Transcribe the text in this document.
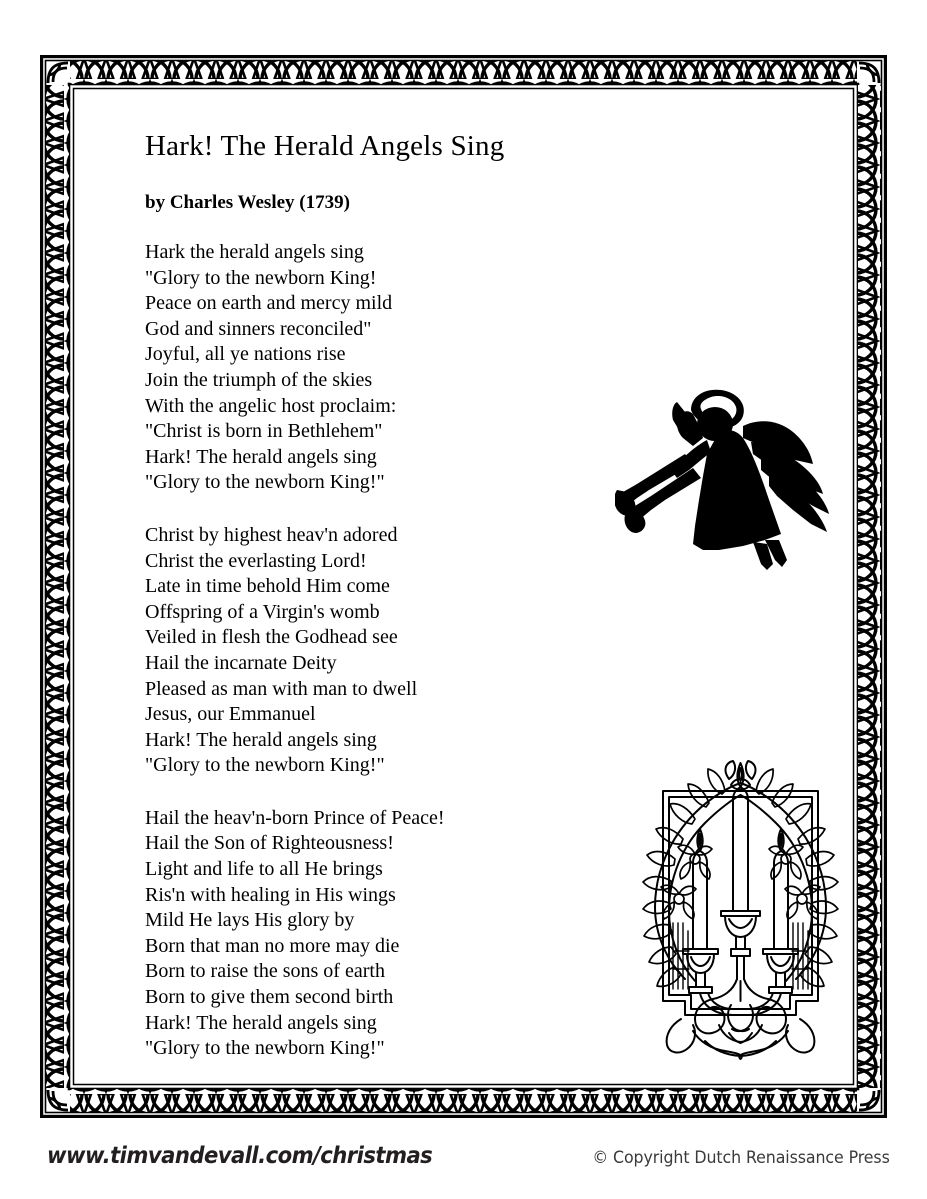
Hark! The Herald Angels Sing
by Charles Wesley (1739)
Hark the herald angels sing
"Glory to the newborn King!
Peace on earth and mercy mild
God and sinners reconciled"
Joyful, all ye nations rise
Join the triumph of the skies
With the angelic host proclaim:
"Christ is born in Bethlehem"
Hark! The herald angels sing
"Glory to the newborn King!"
Christ by highest heav'n adored
Christ the everlasting Lord!
Late in time behold Him come
Offspring of a Virgin's womb
Veiled in flesh the Godhead see
Hail the incarnate Deity
Pleased as man with man to dwell
Jesus, our Emmanuel
Hark! The herald angels sing
"Glory to the newborn King!"
Hail the heav'n-born Prince of Peace!
Hail the Son of Righteousness!
Light and life to all He brings
Ris'n with healing in His wings
Mild He lays His glory by
Born that man no more may die
Born to raise the sons of earth
Born to give them second birth
Hark! The herald angels sing
"Glory to the newborn King!"
www.timvandevall.com/christmas	© Copyright Dutch Renaissance Press
